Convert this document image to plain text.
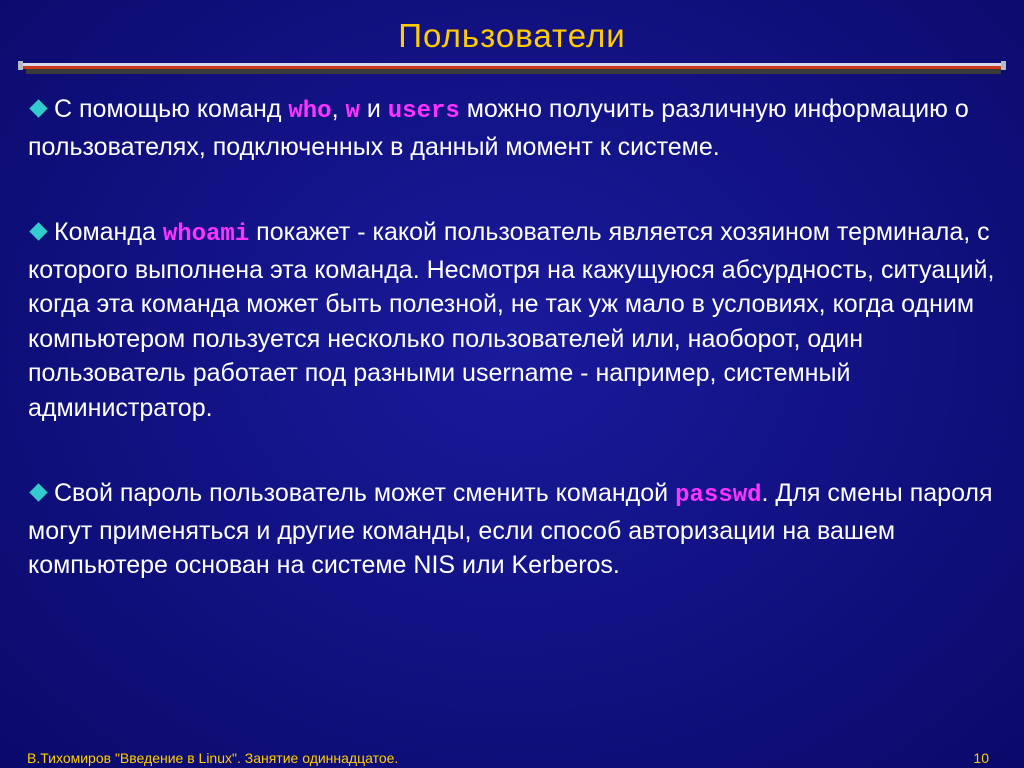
Пользователи

С помощью команд who, w и users можно получить различную информацию о пользователях, подключенных в данный момент к системе.

Команда whoami покажет - какой пользователь является хозяином терминала, с которого выполнена эта команда. Несмотря на кажущуюся абсурдность, ситуаций, когда эта команда может быть полезной, не так уж мало в условиях, когда одним компьютером пользуется несколько пользователей или, наоборот, один пользователь работает под разными username - например, системный администратор.

Свой пароль пользователь может сменить командой passwd. Для смены пароля могут применяться и другие команды, если способ авторизации на вашем компьютере основан на системе NIS или Kerberos.

В.Тихомиров "Введение в Linux". Занятие одиннадцатое.	10
